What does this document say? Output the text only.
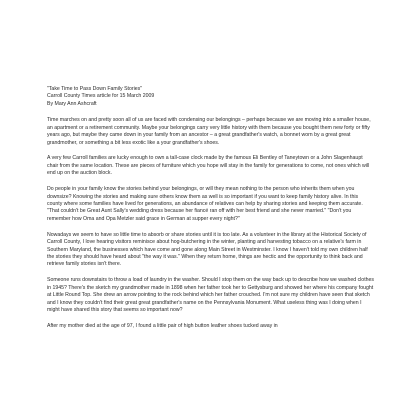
"Take Time to Pass Down Family Stories"

Carroll County Times article for 15 March 2009

By Mary Ann Ashcraft

Time marches on and pretty soon all of us are faced with condensing our belongings – perhaps because we are moving into a smaller house, an apartment or a retirement community. Maybe your belongings carry very little history with them because you bought them new forty or fifty years ago, but maybe they came down in your family from an ancestor – a great grandfather's watch, a bonnet worn by a great great grandmother, or something a bit less exotic like a your grandfather's shoes.

A very few Carroll families are lucky enough to own a tall-case clock made by the famous Eli Bentley of Taneytown or a John Slagenhaupt chair from the same location. These are pieces of furniture which you hope will stay in the family for generations to come, not ones which will end up on the auction block.

Do people in your family know the stories behind your belongings, or will they mean nothing to the person who inherits them when you downsize? Knowing the stories and making sure others know them as well is so important if you want to keep family history alive. In this county where some families have lived for generations, an abundance of relatives can help by sharing stories and keeping them accurate. "That couldn't be Great Aunt Sally's wedding dress because her fiancé ran off with her best friend and she never married." "Don't you remember how Oma and Opa Metzler said grace in German at supper every night?"

Nowadays we seem to have so little time to absorb or share stories until it is too late. As a volunteer in the library at the Historical Society of Carroll County, I love hearing visitors reminisce about hog-butchering in the winter, planting and harvesting tobacco on a relative's farm in Southern Maryland, the businesses which have come and gone along Main Street in Westminster. I know I haven't told my own children half the stories they should have heard about "the way it was." When they return home, things are hectic and the opportunity to think back and retrieve family stories isn't there.

Someone runs downstairs to throw a load of laundry in the washer. Should I stop them on the way back up to describe how we washed clothes in 1945? There's the sketch my grandmother made in 1898 when her father took her to Gettysburg and showed her where his company fought at Little Round Top. She drew an arrow pointing to the rock behind which her father crouched. I'm not sure my children have seen that sketch and I know they couldn't find their great great grandfather's name on the Pennsylvania Monument. What useless thing was I doing when I might have shared this story that seems so important now?

After my mother died at the age of 97, I found a little pair of high button leather shoes tucked away in
